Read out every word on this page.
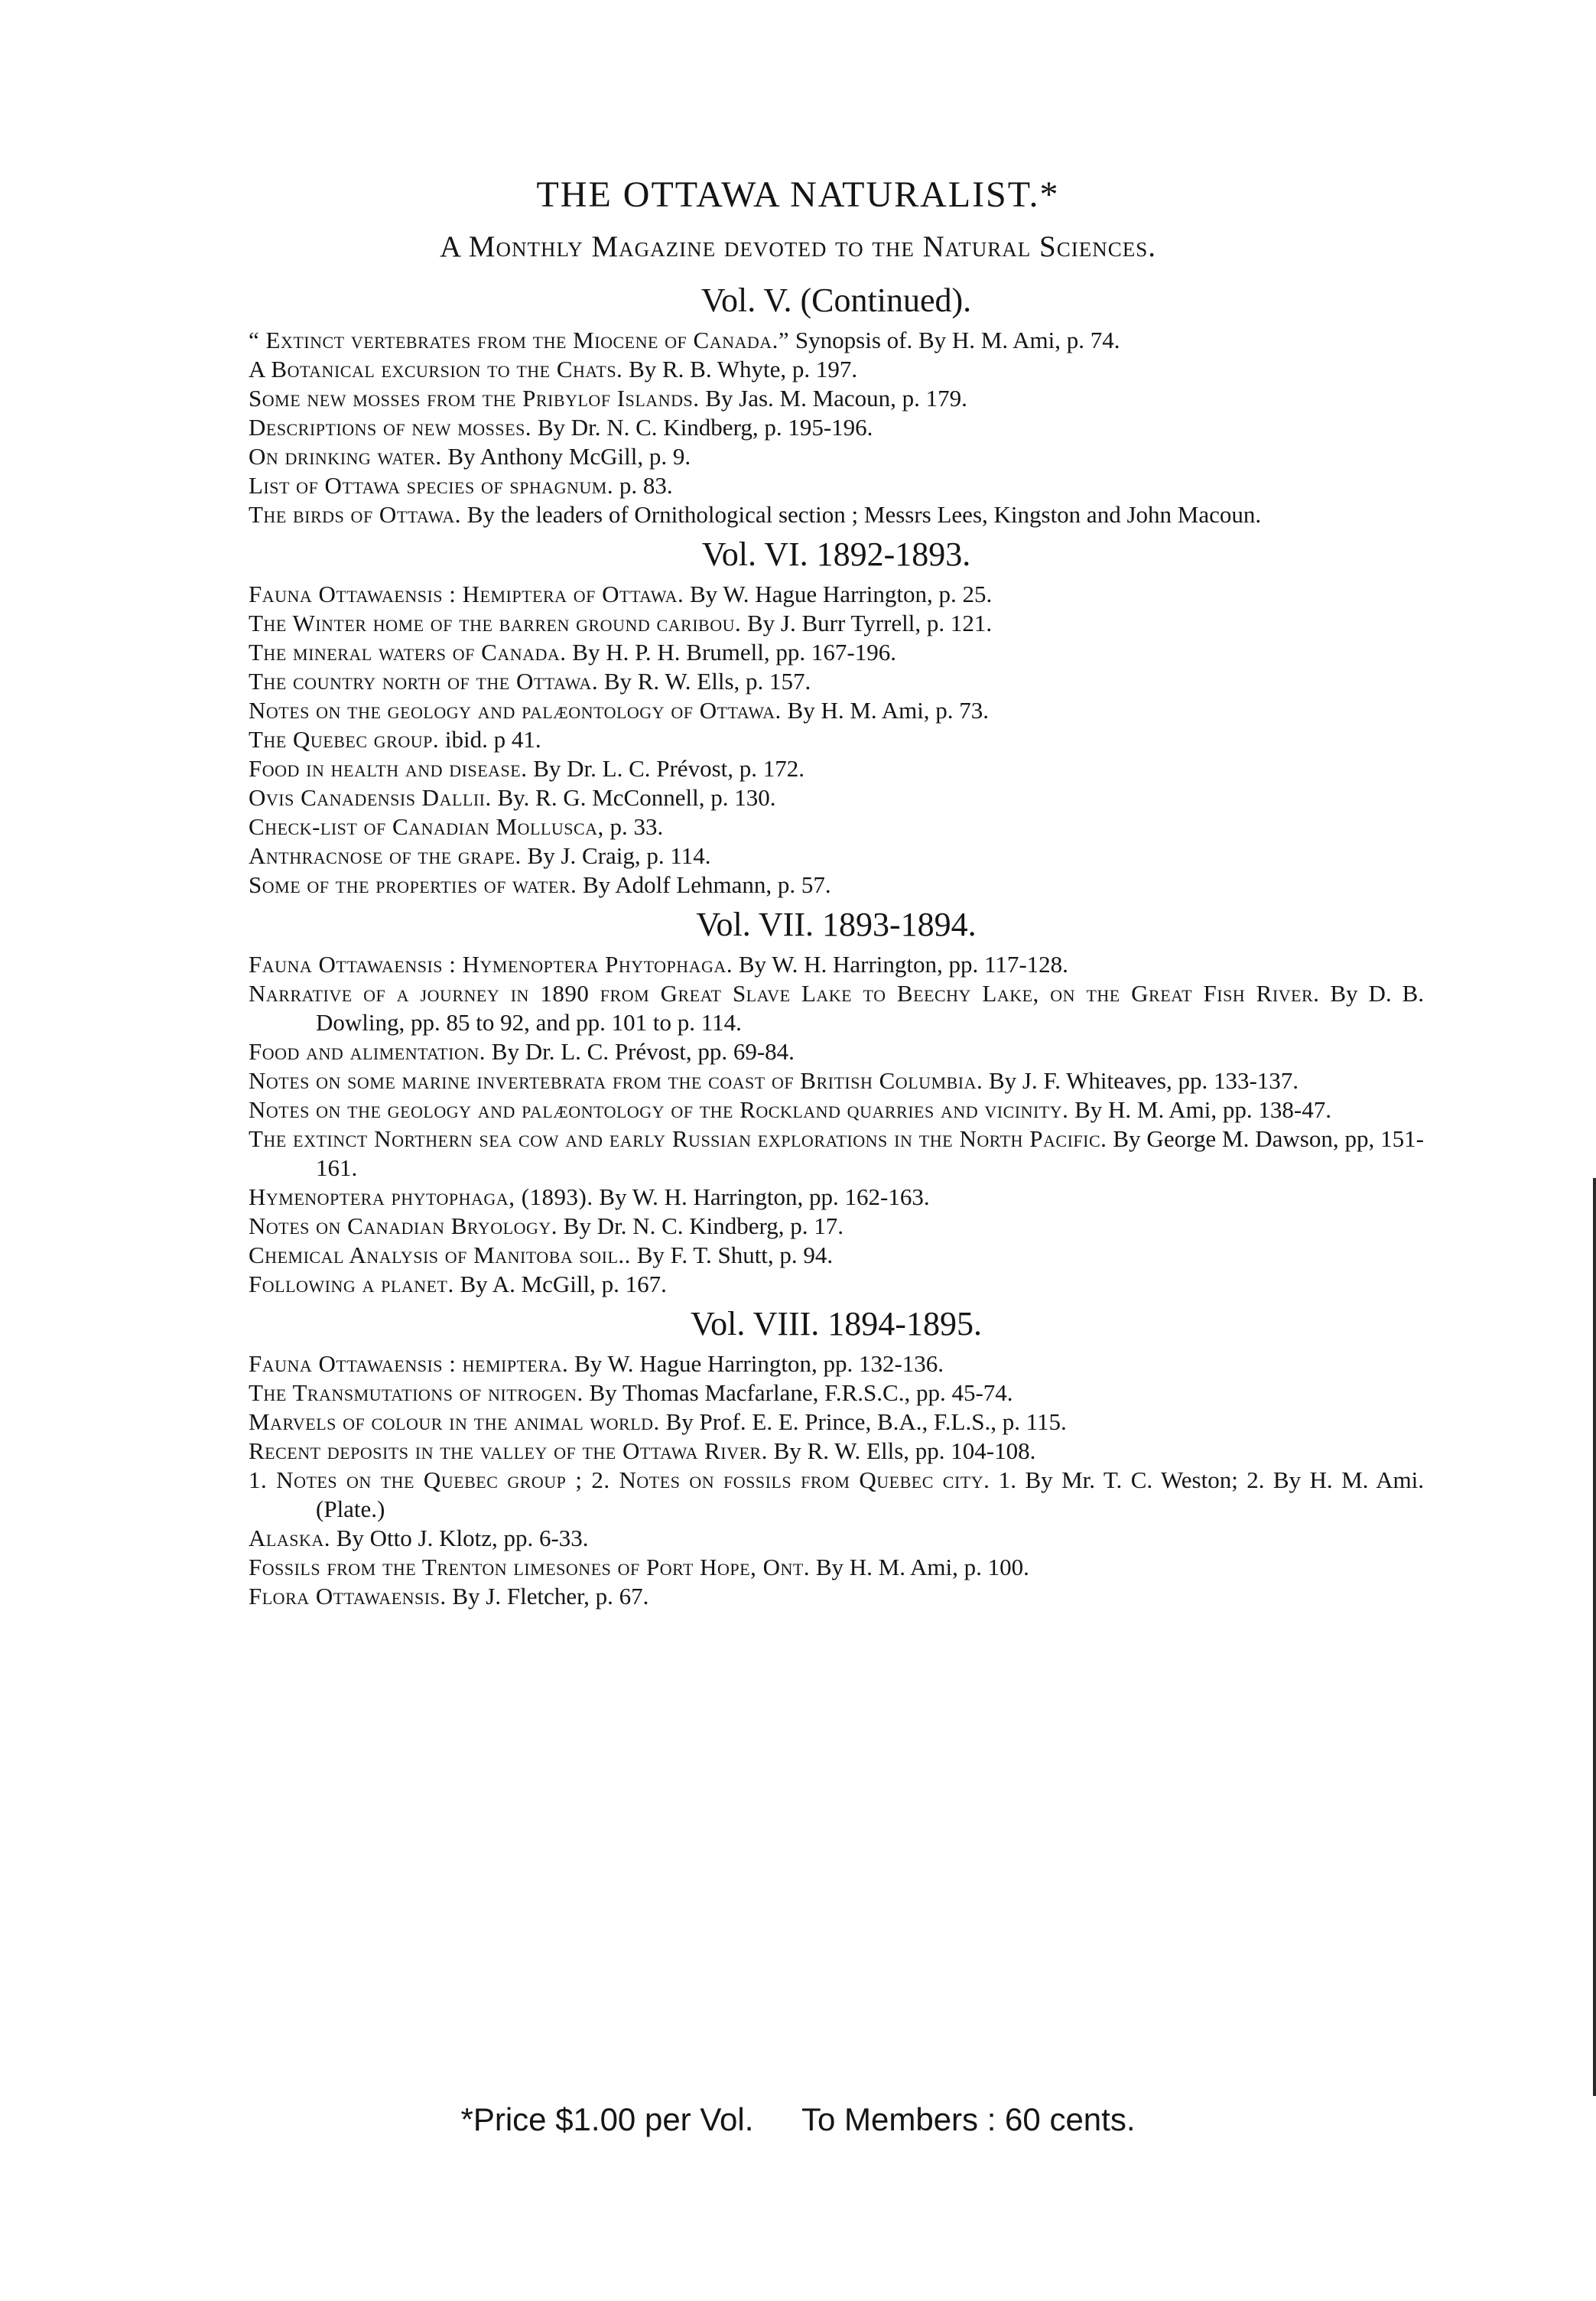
THE OTTAWA NATURALIST.*
A Monthly Magazine devoted to the Natural Sciences.
Vol. V. (Continued).
“ Extinct vertebrates from the Miocene of Canada.” Synopsis of. By H. M. Ami, p. 74.
A Botanical excursion to the Chats. By R. B. Whyte, p. 197.
Some new mosses from the Pribylof Islands. By Jas. M. Macoun, p. 179.
Descriptions of new mosses. By Dr. N. C. Kindberg, p. 195-196.
On drinking water. By Anthony McGill, p. 9.
List of Ottawa species of sphagnum. p. 83.
The birds of Ottawa. By the leaders of Ornithological section ; Messrs Lees, Kingston and John Macoun.
Vol. VI. 1892-1893.
Fauna Ottawaensis : Hemiptera of Ottawa. By W. Hague Harrington, p. 25.
The Winter home of the barren ground caribou. By J. Burr Tyrrell, p. 121.
The mineral waters of Canada. By H. P. H. Brumell, pp. 167-196.
The country north of the Ottawa. By R. W. Ells, p. 157.
Notes on the geology and palæontology of Ottawa. By H. M. Ami, p. 73.
The Quebec group. ibid. p 41.
Food in health and disease. By Dr. L. C. Prévost, p. 172.
Ovis Canadensis Dallii. By. R. G. McConnell, p. 130.
Check-list of Canadian Mollusca, p. 33.
Anthracnose of the grape. By J. Craig, p. 114.
Some of the properties of water. By Adolf Lehmann, p. 57.
Vol. VII. 1893-1894.
Fauna Ottawaensis : Hymenoptera Phytophaga. By W. H. Harrington, pp. 117-128.
Narrative of a journey in 1890 from Great Slave Lake to Beechy Lake, on the Great Fish River. By D. B. Dowling, pp. 85 to 92, and pp. 101 to p. 114.
Food and alimentation. By Dr. L. C. Prévost, pp. 69-84.
Notes on some marine invertebrata from the coast of British Columbia. By J. F. Whiteaves, pp. 133-137.
Notes on the geology and palæontology of the Rockland quarries and vicinity. By H. M. Ami, pp. 138-47.
The extinct Northern sea cow and early Russian explorations in the North Pacific. By George M. Dawson, pp, 151-161.
Hymenoptera phytophaga, (1893). By W. H. Harrington, pp. 162-163.
Notes on Canadian Bryology. By Dr. N. C. Kindberg, p. 17.
Chemical Analysis of Manitoba soil.. By F. T. Shutt, p. 94.
Following a planet. By A. McGill, p. 167.
Vol. VIII. 1894-1895.
Fauna Ottawaensis : hemiptera. By W. Hague Harrington, pp. 132-136.
The Transmutations of nitrogen. By Thomas Macfarlane, F.R.S.C., pp. 45-74.
Marvels of colour in the animal world. By Prof. E. E. Prince, B.A., F.L.S., p. 115.
Recent deposits in the valley of the Ottawa River. By R. W. Ells, pp. 104-108.
1. Notes on the Quebec group ; 2. Notes on fossils from Quebec city. 1. By Mr. T. C. Weston; 2. By H. M. Ami. (Plate.)
Alaska. By Otto J. Klotz, pp. 6-33.
Fossils from the Trenton limesones of Port Hope, Ont. By H. M. Ami, p. 100.
Flora Ottawaensis. By J. Fletcher, p. 67.
*Price $1.00 per Vol. To Members : 60 cents.
